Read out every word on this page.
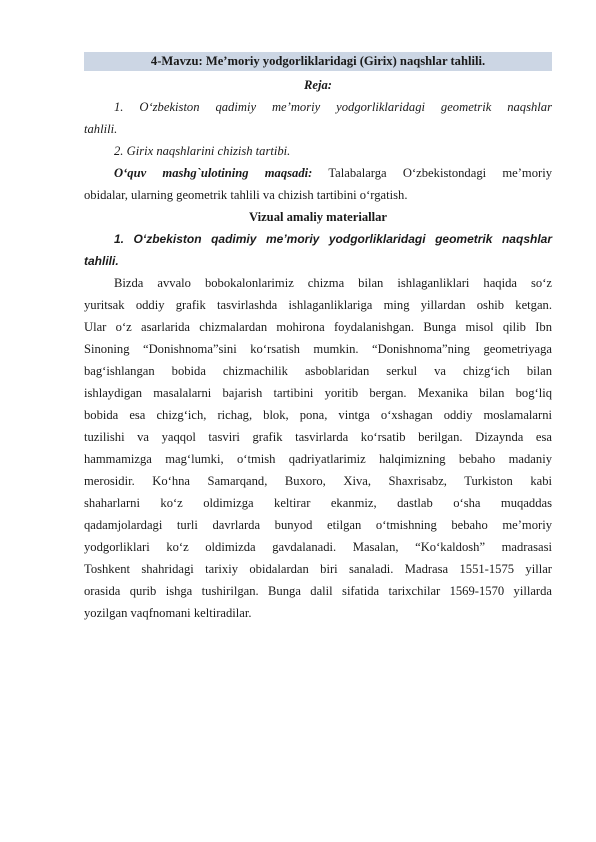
4-Mavzu: Me’moriy yodgorliklaridagi (Girix) naqshlar tahlili.
Reja:
1. O‘zbekiston qadimiy me’moriy yodgorliklaridagi geometrik naqshlar
tahlili.
2. Girix naqshlarini chizish tartibi.
O‘quv mashg`ulotining maqsadi: Talabalarga O‘zbekistondagi me’moriy
obidalar, ularning geometrik tahlili va chizish tartibini o‘rgatish.
Vizual amaliy materiallar
1. O‘zbekiston qadimiy me’moriy yodgorliklaridagi geometrik naqshlar
tahlili.
Bizda avvalo bobokalonlarimiz chizma bilan ishlaganliklari haqida so‘z
yuritsak oddiy grafik tasvirlashda ishlaganliklariga ming yillardan oshib ketgan.
Ular o‘z asarlarida chizmalardan mohirona foydalanishgan. Bunga misol qilib Ibn
Sinoning “Donishnoma”sini ko‘rsatish mumkin. “Donishnoma”ning geometriyaga
bag‘ishlangan bobida chizmachilik asboblaridan serkul va chizg‘ich bilan
ishlaydigan masalalarni bajarish tartibini yoritib bergan. Mexanika bilan bog‘liq
bobida esa chizg‘ich, richag, blok, pona, vintga o‘xshagan oddiy moslamalarni
tuzilishi va yaqqol tasviri grafik tasvirlarda ko‘rsatib berilgan. Dizaynda esa
hammamizga mag‘lumki, o‘tmish qadriyatlarimiz halqimizning bebaho madaniy
merosidir. Ko‘hna Samarqand, Buxoro, Xiva, Shaxrisabz, Turkiston kabi
shaharlarni ko‘z oldimizga keltirar ekanmiz, dastlab o‘sha muqaddas
qadamjolardagi turli davrlarda bunyod etilgan o‘tmishning bebaho me’moriy
yodgorliklari ko‘z oldimizda gavdalanadi. Masalan, “Ko‘kaldosh” madrasasi
Toshkent shahridagi tarixiy obidalardan biri sanaladi. Madrasa 1551-1575 yillar
orasida qurib ishga tushirilgan. Bunga dalil sifatida tarixchilar 1569-1570 yillarda
yozilgan vaqfnomani keltiradilar.
